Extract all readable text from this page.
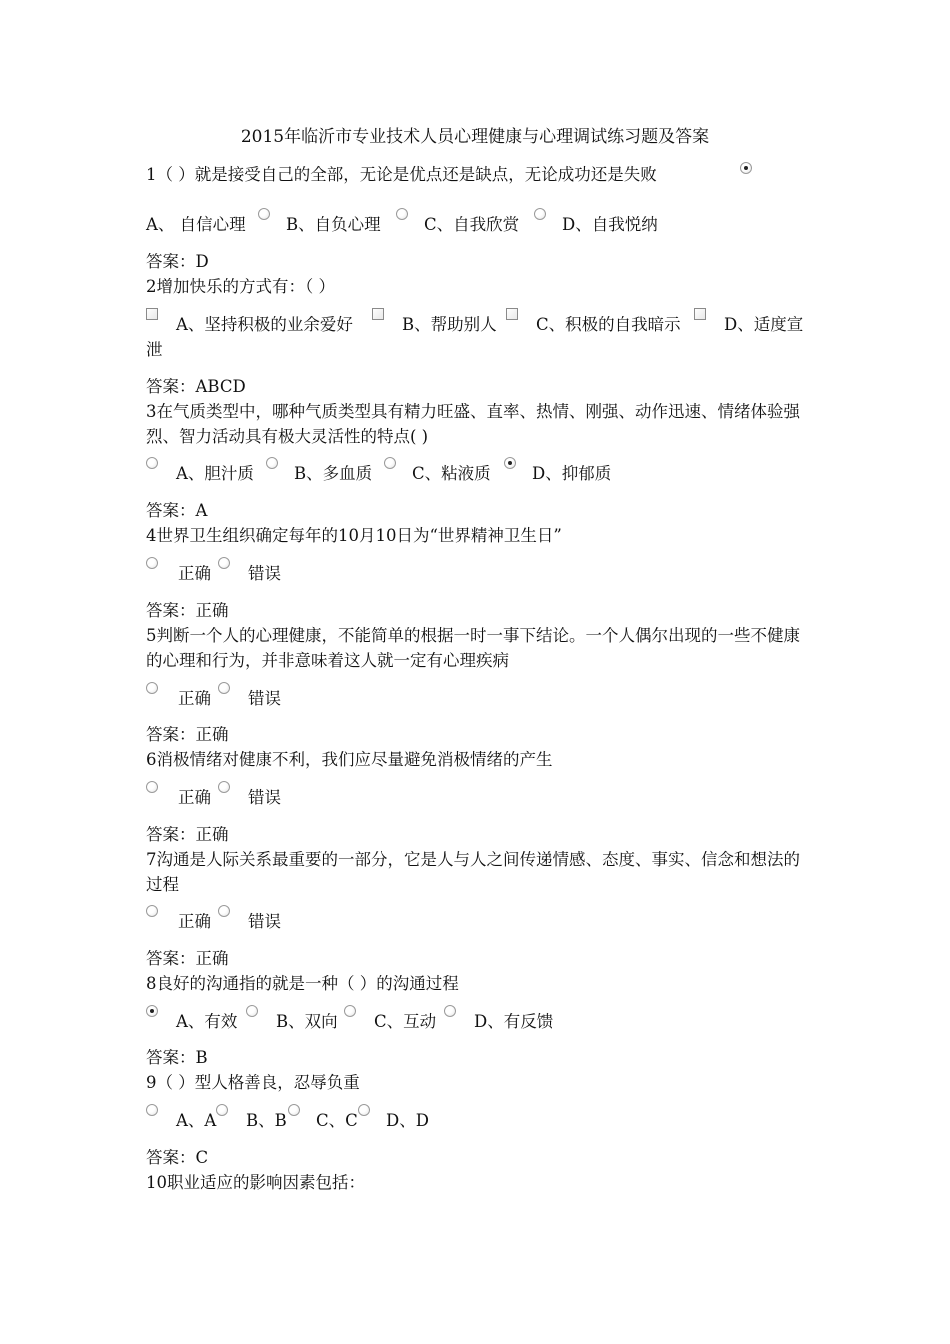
2015年临沂市专业技术人员心理健康与心理调试练习题及答案
1（ ）就是接受自己的全部，无论是优点还是缺点，无论成功还是失败
A、 自信心理 B、自负心理	C、自我欣赏	D、自我悦纳
答案：D
2增加快乐的方式有：（ ）
A、坚持积极的业余爱好	B、帮助别人 C、积极的自我暗示	D、适度宣
泄
答案：ABCD
3在气质类型中，哪种气质类型具有精力旺盛、直率、热情、刚强、动作迅速、情绪体验强烈、智力活动具有极大灵活性的特点( )
A、胆汁质 B、多血质 C、粘液质	D、抑郁质
答案：A
4世界卫生组织确定每年的10月10日为“世界精神卫生日”
正确 错误
答案：正确
5判断一个人的心理健康，不能简单的根据一时一事下结论。一个人偶尔出现的一些不健康的心理和行为，并非意味着这人就一定有心理疾病
正确 错误
答案：正确
6消极情绪对健康不利，我们应尽量避免消极情绪的产生
正确 错误
答案：正确
7沟通是人际关系最重要的一部分，它是人与人之间传递情感、态度、事实、信念和想法的过程
正确 错误
答案：正确
8良好的沟通指的就是一种（ ）的沟通过程
A、有效 B、双向 C、互动 D、有反馈
答案：B
9（ ）型人格善良，忍辱负重
A、A B、B C、C D、D
答案：C
10职业适应的影响因素包括：
